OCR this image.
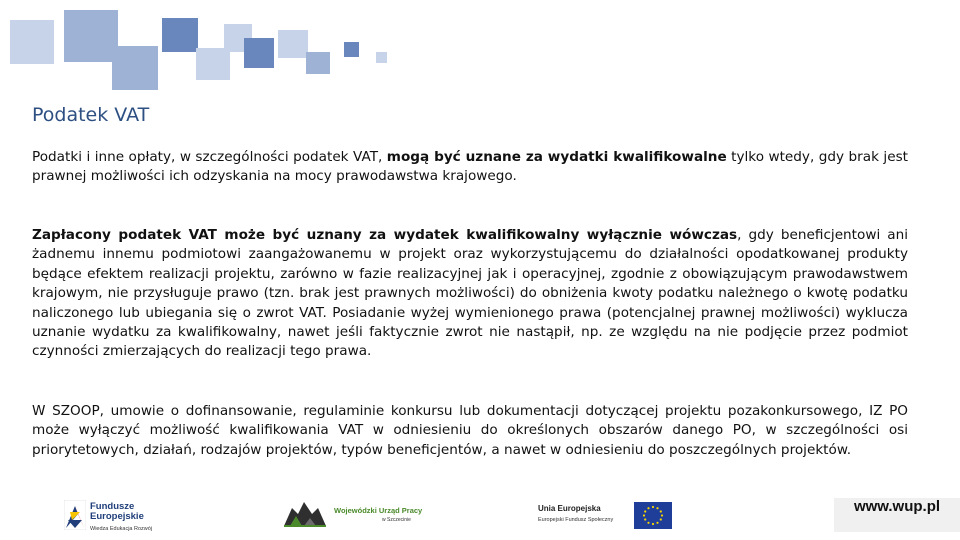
Podatek VAT

Podatki i inne opłaty, w szczególności podatek VAT, mogą być uznane za wydatki kwalifikowalne tylko wtedy, gdy brak jest prawnej możliwości ich odzyskania na mocy prawodawstwa krajowego.

Zapłacony podatek VAT może być uznany za wydatek kwalifikowalny wyłącznie wówczas, gdy beneficjentowi ani żadnemu innemu podmiotowi zaangażowanemu w projekt oraz wykorzystującemu do działalności opodatkowanej produkty będące efektem realizacji projektu, zarówno w fazie realizacyjnej jak i operacyjnej, zgodnie z obowiązującym prawodawstwem krajowym, nie przysługuje prawo (tzn. brak jest prawnych możliwości) do obniżenia kwoty podatku należnego o kwotę podatku naliczonego lub ubiegania się o zwrot VAT. Posiadanie wyżej wymienionego prawa (potencjalnej prawnej możliwości) wyklucza uznanie wydatku za kwalifikowalny, nawet jeśli faktycznie zwrot nie nastąpił, np. ze względu na nie podjęcie przez podmiot czynności zmierzających do realizacji tego prawa.

W SZOOP, umowie o dofinansowanie, regulaminie konkursu lub dokumentacji dotyczącej projektu pozakonkursowego, IZ PO może wyłączyć możliwość kwalifikowania VAT w odniesieniu do określonych obszarów danego PO, w szczególności osi priorytetowych, działań, rodzajów projektów, typów beneficjentów, a nawet w odniesieniu do poszczególnych projektów.

Fundusze
Europejskie
Wiedza Edukacja Rozwój
Wojewódzki Urząd Pracy
w Szczecinie
Unia Europejska
Europejski Fundusz Społeczny
www.wup.pl
